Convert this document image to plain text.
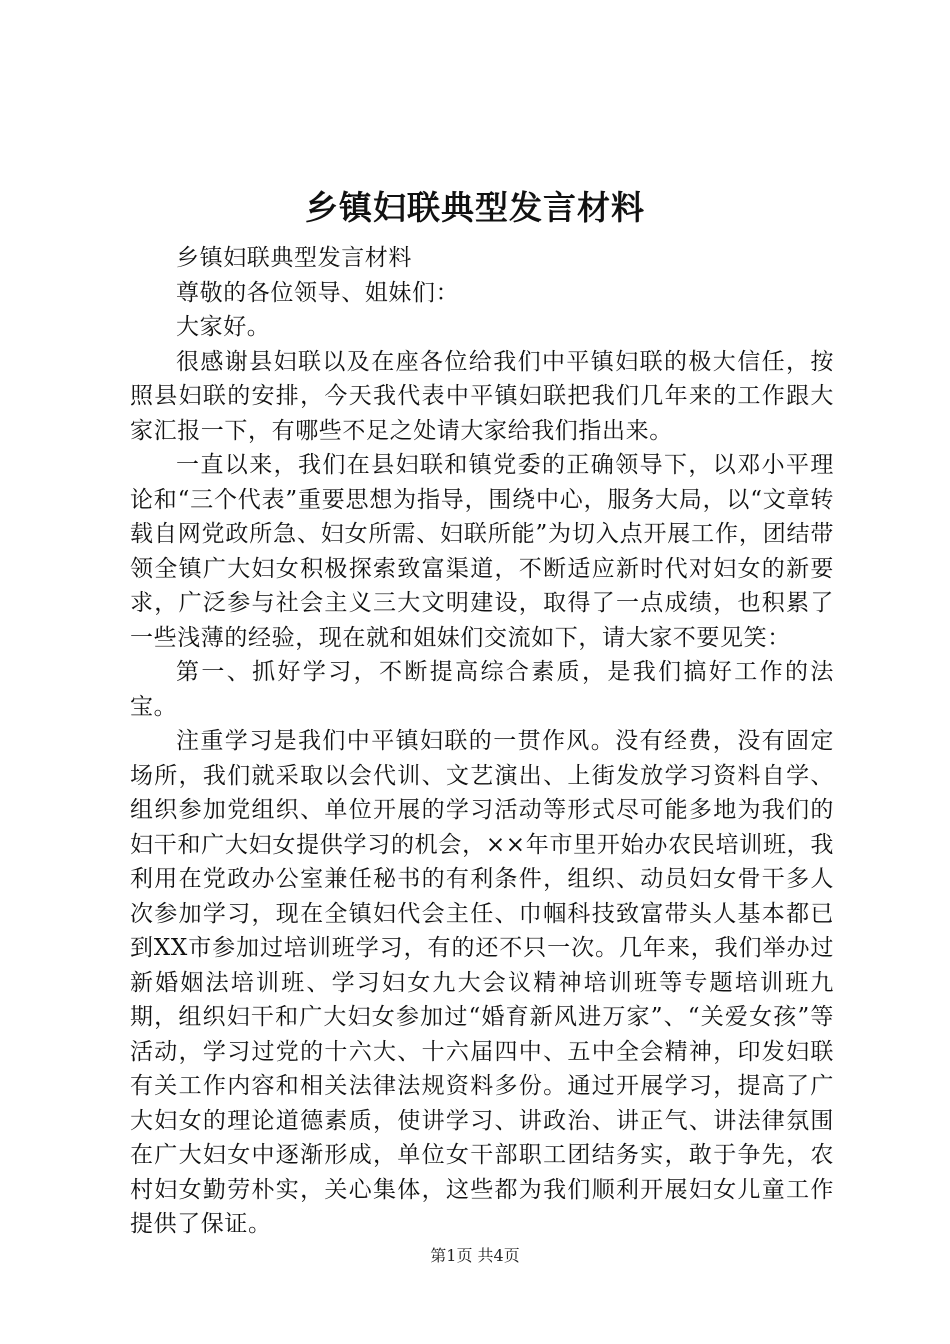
乡镇妇联典型发言材料

乡镇妇联典型发言材料

尊敬的各位领导、姐妹们：

大家好。

很感谢县妇联以及在座各位给我们中平镇妇联的极大信任，按照县妇联的安排，今天我代表中平镇妇联把我们几年来的工作跟大家汇报一下，有哪些不足之处请大家给我们指出来。

一直以来，我们在县妇联和镇党委的正确领导下，以邓小平理论和“三个代表”重要思想为指导，围绕中心，服务大局，以“文章转载自网党政所急、妇女所需、妇联所能”为切入点开展工作，团结带领全镇广大妇女积极探索致富渠道，不断适应新时代对妇女的新要求，广泛参与社会主义三大文明建设，取得了一点成绩，也积累了一些浅薄的经验，现在就和姐妹们交流如下，请大家不要见笑：

第一、抓好学习，不断提高综合素质，是我们搞好工作的法宝。

注重学习是我们中平镇妇联的一贯作风。没有经费，没有固定场所，我们就采取以会代训、文艺演出、上街发放学习资料自学、组织参加党组织、单位开展的学习活动等形式尽可能多地为我们的妇干和广大妇女提供学习的机会，××年市里开始办农民培训班，我利用在党政办公室兼任秘书的有利条件，组织、动员妇女骨干多人次参加学习，现在全镇妇代会主任、巾帼科技致富带头人基本都已到XX市参加过培训班学习，有的还不只一次。几年来，我们举办过新婚姻法培训班、学习妇女九大会议精神培训班等专题培训班九期，组织妇干和广大妇女参加过“婚育新风进万家”、“关爱女孩”等活动，学习过党的十六大、十六届四中、五中全会精神，印发妇联有关工作内容和相关法律法规资料多份。通过开展学习，提高了广大妇女的理论道德素质，使讲学习、讲政治、讲正气、讲法律氛围在广大妇女中逐渐形成，单位女干部职工团结务实，敢于争先，农村妇女勤劳朴实，关心集体，这些都为我们顺利开展妇女儿童工作提供了保证。

第1页 共4页
